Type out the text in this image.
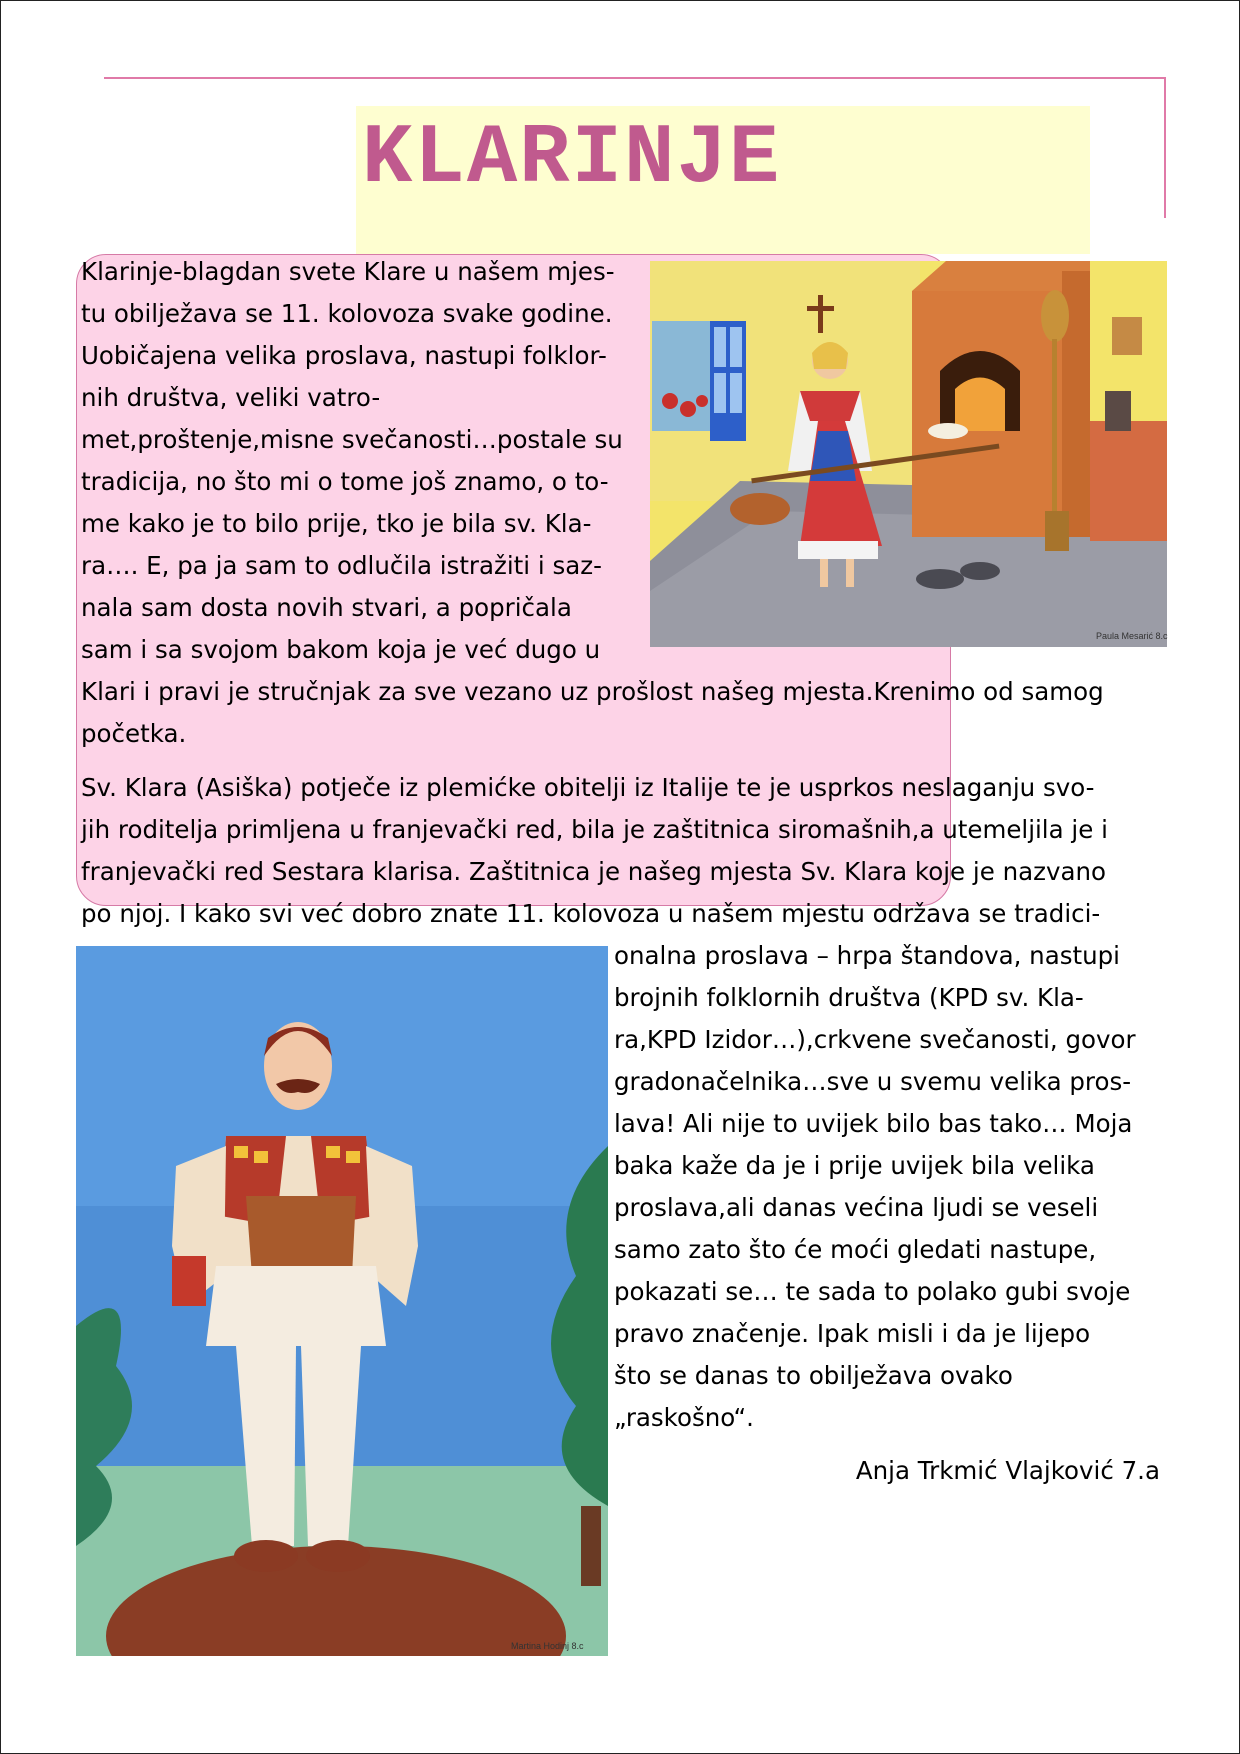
KLARINJE
Paula Mesarić 8.c
Martina Hodinj 8.c
Klarinje-blagdan svete Klare u našem mjes-
tu obilježava se 11. kolovoza svake godine.
Uobičajena velika proslava, nastupi folklor-
nih društva, veliki vatro-
met,proštenje,misne svečanosti…postale su
tradicija, no što mi o tome još znamo, o to-
me kako je to bilo prije, tko je bila sv. Kla-
ra…. E, pa ja sam to odlučila istražiti i saz-
nala sam dosta novih stvari, a popričala
sam i sa svojom bakom koja je već dugo u
Klari i pravi je stručnjak za sve vezano uz prošlost našeg mjesta.Krenimo od samog
početka.
Sv. Klara (Asiška) potječe iz plemićke obitelji iz Italije te je usprkos neslaganju svo-
jih roditelja primljena u franjevački red, bila je zaštitnica siromašnih,a utemeljila je i
franjevački red Sestara klarisa. Zaštitnica je našeg mjesta Sv. Klara koje je nazvano
po njoj. I kako svi već dobro znate 11. kolovoza u našem mjestu održava se tradici-
onalna proslava – hrpa štandova, nastupi
brojnih folklornih društva (KPD sv. Kla-
ra,KPD Izidor…),crkvene svečanosti, govor
gradonačelnika…sve u svemu velika pros-
lava! Ali nije to uvijek bilo bas tako… Moja
baka kaže da je i prije uvijek bila velika
proslava,ali danas većina ljudi se veseli
samo zato što će moći gledati nastupe,
pokazati se… te sada to polako gubi svoje
pravo značenje. Ipak misli i da je lijepo
što se danas to obilježava ovako
„raskošno“.
Anja Trkmić Vlajković 7.a
